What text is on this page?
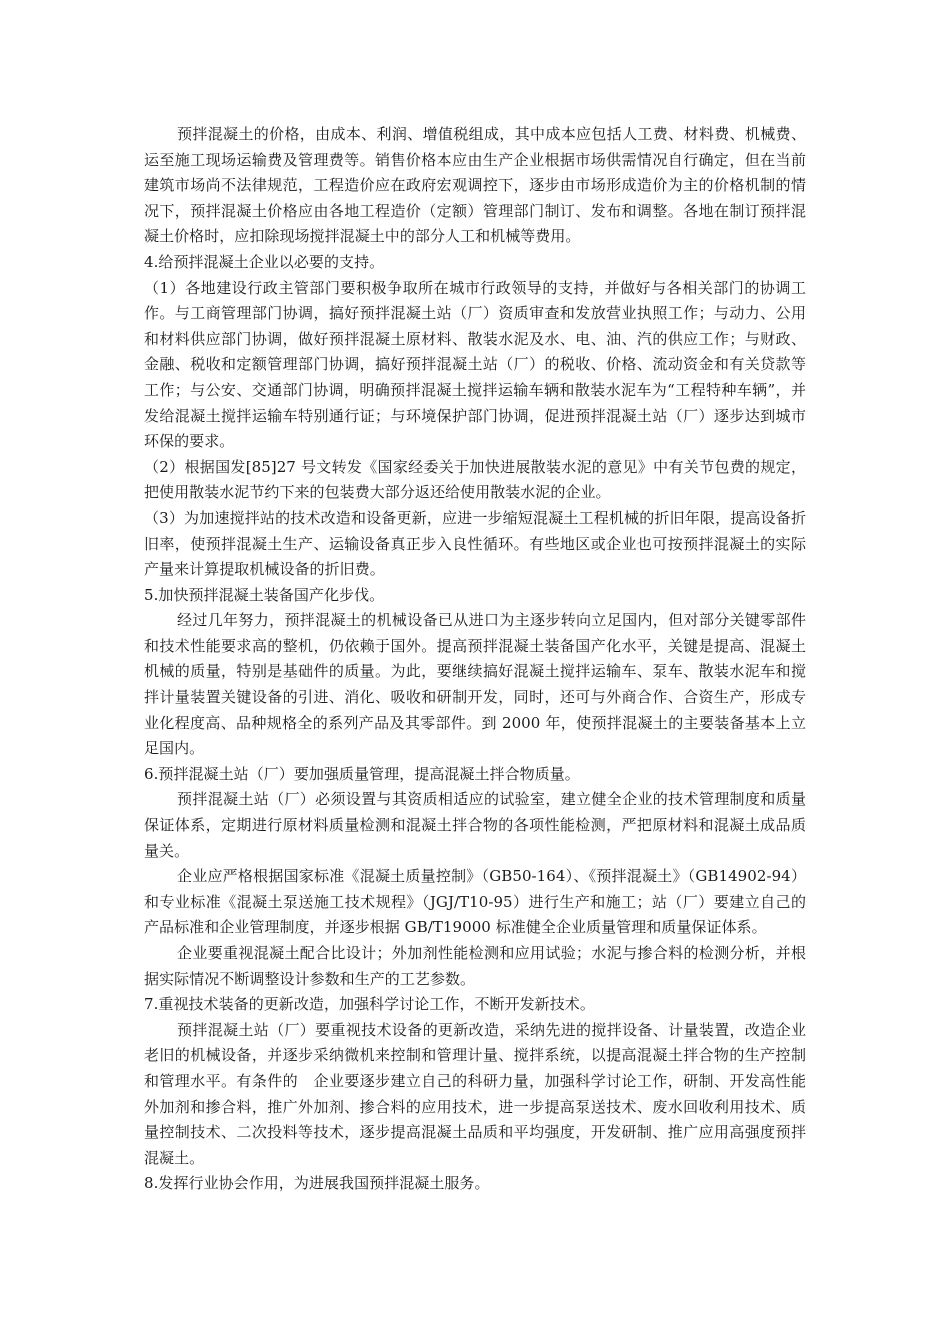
预拌混凝土的价格，由成本、利润、增值税组成，其中成本应包括人工费、材料费、机械费、运至施工现场运输费及管理费等。销售价格本应由生产企业根据市场供需情况自行确定，但在当前建筑市场尚不法律规范，工程造价应在政府宏观调控下，逐步由市场形成造价为主的价格机制的情况下，预拌混凝土价格应由各地工程造价（定额）管理部门制订、发布和调整。各地在制订预拌混凝土价格时，应扣除现场搅拌混凝土中的部分人工和机械等费用。

4.给预拌混凝土企业以必要的支持。

（1）各地建设行政主管部门要积极争取所在城市行政领导的支持，并做好与各相关部门的协调工作。与工商管理部门协调，搞好预拌混凝土站（厂）资质审查和发放营业执照工作；与动力、公用和材料供应部门协调，做好预拌混凝土原材料、散装水泥及水、电、油、汽的供应工作；与财政、金融、税收和定额管理部门协调，搞好预拌混凝土站（厂）的税收、价格、流动资金和有关贷款等工作；与公安、交通部门协调，明确预拌混凝土搅拌运输车辆和散装水泥车为“工程特种车辆”，并发给混凝土搅拌运输车特别通行证；与环境保护部门协调，促进预拌混凝土站（厂）逐步达到城市环保的要求。

（2）根据国发[85]27 号文转发《国家经委关于加快进展散装水泥的意见》中有关节包费的规定，把使用散装水泥节约下来的包装费大部分返还给使用散装水泥的企业。

（3）为加速搅拌站的技术改造和设备更新，应进一步缩短混凝土工程机械的折旧年限，提高设备折旧率，使预拌混凝土生产、运输设备真正步入良性循环。有些地区或企业也可按预拌混凝土的实际产量来计算提取机械设备的折旧费。

5.加快预拌混凝土装备国产化步伐。

经过几年努力，预拌混凝土的机械设备已从进口为主逐步转向立足国内，但对部分关键零部件和技术性能要求高的整机，仍依赖于国外。提高预拌混凝土装备国产化水平，关键是提高、混凝土机械的质量，特别是基础件的质量。为此，要继续搞好混凝土搅拌运输车、泵车、散装水泥车和搅拌计量装置关键设备的引进、消化、吸收和研制开发，同时，还可与外商合作、合资生产，形成专业化程度高、品种规格全的系列产品及其零部件。到 2000 年，使预拌混凝土的主要装备基本上立足国内。

6.预拌混凝土站（厂）要加强质量管理，提高混凝土拌合物质量。

预拌混凝土站（厂）必须设置与其资质相适应的试验室，建立健全企业的技术管理制度和质量保证体系，定期进行原材料质量检测和混凝土拌合物的各项性能检测，严把原材料和混凝土成品质量关。

企业应严格根据国家标准《混凝土质量控制》（GB50-164）、《预拌混凝土》（GB14902-94）和专业标准《混凝土泵送施工技术规程》（JGJ/T10-95）进行生产和施工；站（厂）要建立自己的产品标准和企业管理制度，并逐步根据 GB/T19000 标准健全企业质量管理和质量保证体系。

企业要重视混凝土配合比设计；外加剂性能检测和应用试验；水泥与掺合料的检测分析，并根据实际情况不断调整设计参数和生产的工艺参数。

7.重视技术装备的更新改造，加强科学讨论工作，不断开发新技术。

预拌混凝土站（厂）要重视技术设备的更新改造，采纳先进的搅拌设备、计量装置，改造企业老旧的机械设备，并逐步采纳微机来控制和管理计量、搅拌系统，以提高混凝土拌合物的生产控制和管理水平。有条件的　企业要逐步建立自己的科研力量，加强科学讨论工作，研制、开发高性能外加剂和掺合料，推广外加剂、掺合料的应用技术，进一步提高泵送技术、废水回收利用技术、质量控制技术、二次投料等技术，逐步提高混凝土品质和平均强度，开发研制、推广应用高强度预拌混凝土。

8.发挥行业协会作用，为进展我国预拌混凝土服务。
